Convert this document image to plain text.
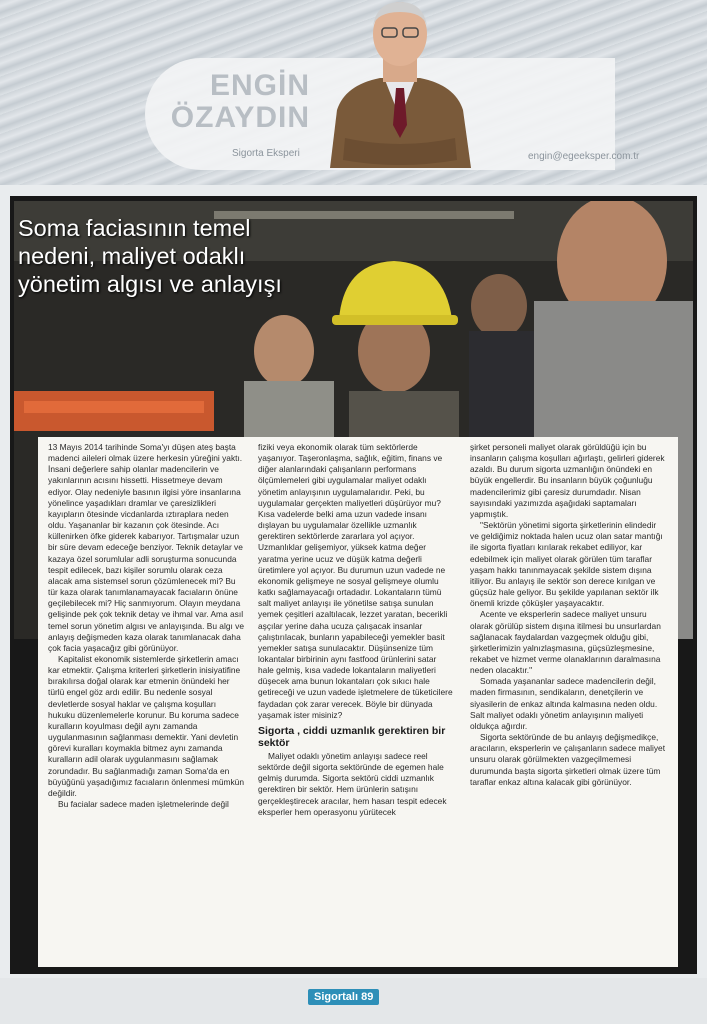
ENGİN
ÖZAYDIN
Sigorta Eksperi	engin@egeeksper.com.tr
Soma faciasının temel
nedeni, maliyet odaklı
yönetim algısı ve anlayışı

13 Mayıs 2014 tarihinde Soma'yı düşen ateş başta madenci aileleri olmak üzere herkesin yüreğini yaktı. İnsani değerlere sahip olanlar madencilerin ve yakınlarının acısını hissetti. Hissetmeye devam ediyor. Olay nedeniyle basının ilgisi yöre insanlarına yönelince yaşadıkları dramlar ve çaresizlikleri kayıpların ötesinde vicdanlarda ıztıraplara neden oldu. Yaşananlar bir kazanın çok ötesinde. Acı küllenirken öfke giderek kabarıyor. Tartışmalar uzun bir süre devam edeceğe benziyor. Teknik detaylar ve kazaya özel sorumlular adli soruşturma sonucunda tespit edilecek, bazı kişiler sorumlu olarak ceza alacak ama sistemsel sorun çözümlenecek mi? Bu tür kaza olarak tanımlanamayacak facıaların önüne geçilebilecek mi? Hiç sanmıyorum. Olayın meydana gelişinde pek çok teknik detay ve ihmal var. Ama asıl temel sorun yönetim algısı ve anlayışında. Bu algı ve anlayış değişmeden kaza olarak tanımlanacak daha çok facia yaşacağız gibi görünüyor.

Kapitalist ekonomik sistemlerde şirketlerin amacı kar etmektir. Çalışma kriterleri şirketlerin inisiyatifine bırakılırsa doğal olarak kar etmenin önündeki her türlü engel göz ardı edilir. Bu nedenle sosyal devletlerde sosyal haklar ve çalışma koşulları hukuku düzenlemelerle korunur. Bu koruma sadece kuralların koyulması değil aynı zamanda uygulanmasının sağlanması demektir. Yani devletin görevi kuralları koymakla bitmez aynı zamanda kuralların adil olarak uygulanmasını sağlamak zorundadır. Bu sağlanmadığı zaman Soma'da en büyüğünü yaşadığımız facıaların önlenmesi mümkün değildir.

Bu facialar sadece maden işletmelerinde değil

fiziki veya ekonomik olarak tüm sektörlerde yaşanıyor. Taşeronlaşma, sağlık, eğitim, finans ve diğer alanlarındaki çalışanların performans ölçümlemeleri gibi uygulamalar maliyet odaklı yönetim anlayışının uygulamalarıdır. Peki, bu uygulamalar gerçekten maliyetleri düşürüyor mu? Kısa vadelerde belki ama uzun vadede insanı dışlayan bu uygulamalar özellikle uzmanlık gerektiren sektörlerde zararlara yol açıyor. Uzmanlıklar gelişemiyor, yüksek katma değer yaratma yerine ucuz ve düşük katma değerli üretimlere yol açıyor. Bu durumun uzun vadede ne ekonomik gelişmeye ne sosyal gelişmeye olumlu katkı sağlamayacağı ortadadır. Lokantaların tümü salt maliyet anlayışı ile yönetilse satışa sunulan yemek çeşitleri azaltılacak, lezzet yaratan, becerikli aşçılar yerine daha ucuza çalışacak insanlar çalıştırılacak, bunların yapabileceği yemekler basit yemekler satışa sunulacaktır. Düşünsenize tüm lokantalar birbirinin aynı fastfood ürünlerini satar hale gelmiş, kısa vadede lokantaların maliyetleri düşecek ama bunun lokantaları çok sıkıcı hale getireceği ve uzun vadede işletmelere de tüketicilere faydadan çok zarar verecek. Böyle bir dünyada yaşamak ister misiniz?

Sigorta , ciddi uzmanlık gerektiren bir sektör

Maliyet odaklı yönetim anlayışı sadece reel sektörde değil sigorta sektöründe de egemen hale gelmiş durumda. Sigorta sektörü ciddi uzmanlık gerektiren bir sektör. Hem ürünlerin satışını gerçekleştirecek aracılar, hem hasarı tespit edecek eksperler hem operasyonu yürütecek

şirket personeli maliyet olarak görüldüğü için bu insanların çalışma koşulları ağırlaştı, gelirleri giderek azaldı. Bu durum sigorta uzmanlığın önündeki en büyük engellerdir. Bu insanların büyük çoğunluğu madencilerimiz gibi çaresiz durumdadır. Nisan sayısındaki yazımızda aşağıdaki saptamaları yapmıştık.

"Sektörün yönetimi sigorta şirketlerinin elindedir ve geldiğimiz noktada halen ucuz olan satar mantığı ile sigorta fiyatları kırılarak rekabet ediliyor, kar edebilmek için maliyet olarak görülen tüm taraflar yaşam hakkı tanınmayacak şekilde sistem dışına itiliyor. Bu anlayış ile sektör son derece kırılgan ve güçsüz hale geliyor. Bu şekilde yapılanan sektör ilk önemli krizde çöküşler yaşayacaktır.

Acente ve eksperlerin sadece maliyet unsuru olarak görülüp sistem dışına itilmesi bu unsurlardan sağlanacak faydalardan vazgeçmek olduğu gibi, şirketlerimizin yalnızlaşmasına, güçsüzleşmesine, rekabet ve hizmet verme olanaklarının daralmasına neden olacaktır."

Somada yaşananlar sadece madencilerin değil, maden firmasının, sendikaların, denetçilerin ve siyasilerin de enkaz altında kalmasına neden oldu. Salt maliyet odaklı yönetim anlayışının maliyeti oldukça ağırdır.

Sigorta sektöründe de bu anlayış değişmedikçe, aracıların, eksperlerin ve çalışanların sadece maliyet unsuru olarak görülmekten vazgeçilmemesi durumunda başta sigorta şirketleri olmak üzere tüm taraflar enkaz altına kalacak gibi görünüyor.

Sigortalı 89
